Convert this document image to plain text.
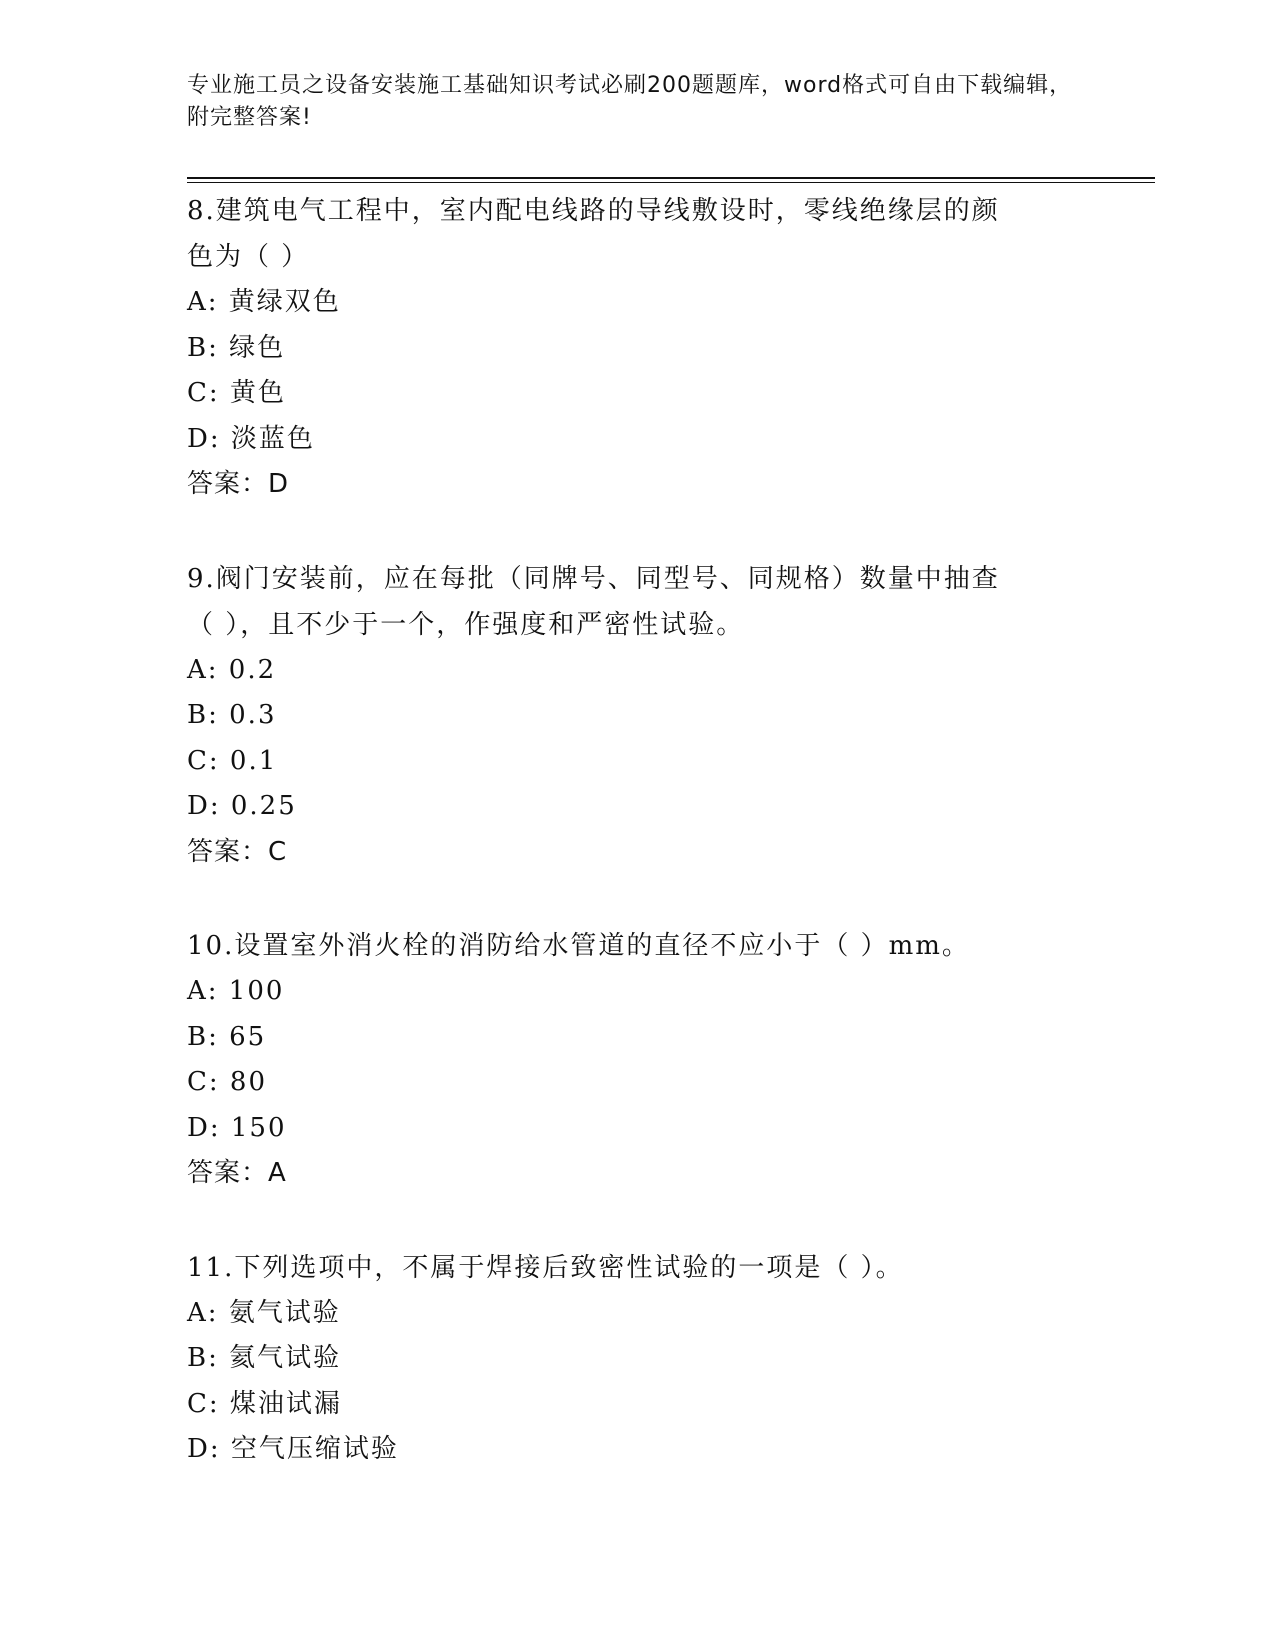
专业施工员之设备安装施工基础知识考试必刷200题题库，word格式可自由下载编辑，附完整答案!
8.建筑电气工程中，室内配电线路的导线敷设时，零线绝缘层的颜色为（ ）
A: 黄绿双色
B: 绿色
C: 黄色
D: 淡蓝色
答案：D
9.阀门安装前，应在每批（同牌号、同型号、同规格）数量中抽查（ ），且不少于一个，作强度和严密性试验。
A: 0.2
B: 0.3
C: 0.1
D: 0.25
答案：C
10.设置室外消火栓的消防给水管道的直径不应小于（ ）mm。
A: 100
B: 65
C: 80
D: 150
答案：A
11.下列选项中，不属于焊接后致密性试验的一项是（ ）。
A: 氨气试验
B: 氦气试验
C: 煤油试漏
D: 空气压缩试验
